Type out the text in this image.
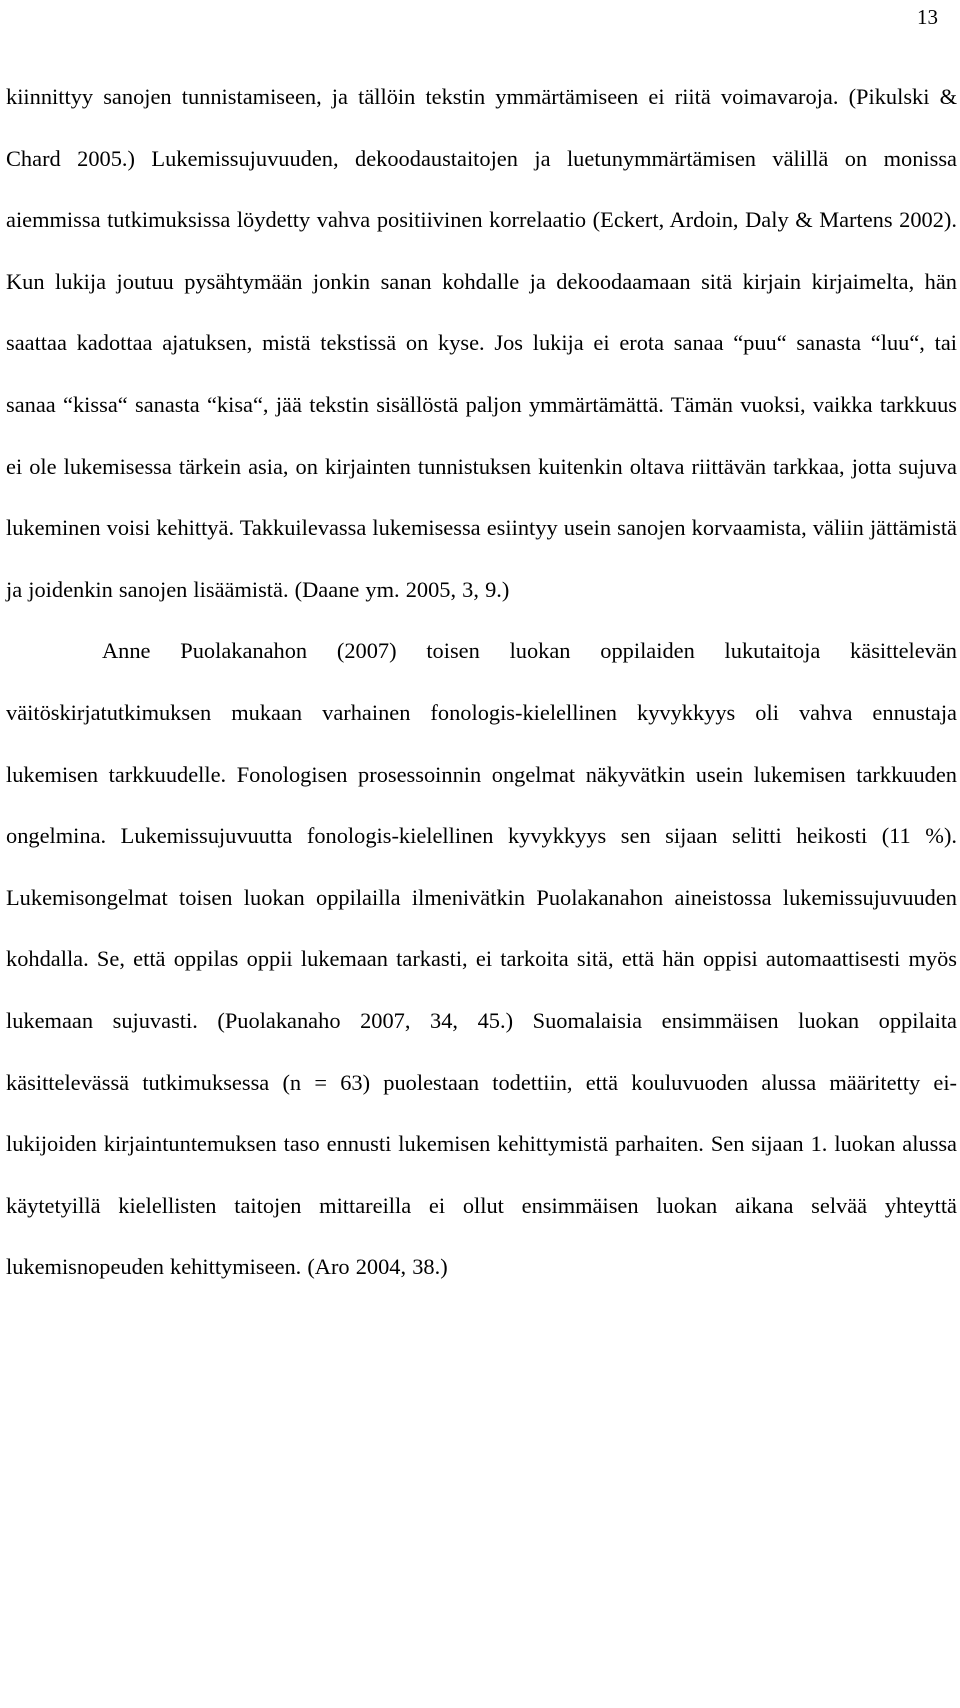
13

kiinnittyy sanojen tunnistamiseen, ja tällöin tekstin ymmärtämiseen ei riitä voimavaroja. (Pikulski & Chard 2005.) Lukemissujuvuuden, dekoodaustaitojen ja luetunymmärtämisen välillä on monissa aiemmissa tutkimuksissa löydetty vahva positiivinen korrelaatio (Eckert, Ardoin, Daly & Martens 2002). Kun lukija joutuu pysähtymään jonkin sanan kohdalle ja dekoodaamaan sitä kirjain kirjaimelta, hän saattaa kadottaa ajatuksen, mistä tekstissä on kyse. Jos lukija ei erota sanaa “puu“ sanasta “luu“, tai sanaa “kissa“ sanasta “kisa“, jää tekstin sisällöstä paljon ymmärtämättä. Tämän vuoksi, vaikka tarkkuus ei ole lukemisessa tärkein asia, on kirjainten tunnistuksen kuitenkin oltava riittävän tarkkaa, jotta sujuva lukeminen voisi kehittyä. Takkuilevassa lukemisessa esiintyy usein sanojen korvaamista, väliin jättämistä ja joidenkin sanojen lisäämistä. (Daane ym. 2005, 3, 9.)

Anne Puolakanahon (2007) toisen luokan oppilaiden lukutaitoja käsittelevän väitöskirjatutkimuksen mukaan varhainen fonologis-kielellinen kyvykkyys oli vahva ennustaja lukemisen tarkkuudelle. Fonologisen prosessoinnin ongelmat näkyvätkin usein lukemisen tarkkuuden ongelmina. Lukemissujuvuutta fonologis-kielellinen kyvykkyys sen sijaan selitti heikosti (11 %). Lukemisongelmat toisen luokan oppilailla ilmenivätkin Puolakanahon aineistossa lukemissujuvuuden kohdalla. Se, että oppilas oppii lukemaan tarkasti, ei tarkoita sitä, että hän oppisi automaattisesti myös lukemaan sujuvasti. (Puolakanaho 2007, 34, 45.) Suomalaisia ensimmäisen luokan oppilaita käsittelevässä tutkimuksessa (n = 63) puolestaan todettiin, että kouluvuoden alussa määritetty ei-lukijoiden kirjaintuntemuksen taso ennusti lukemisen kehittymistä parhaiten. Sen sijaan 1. luokan alussa käytetyillä kielellisten taitojen mittareilla ei ollut ensimmäisen luokan aikana selvää yhteyttä lukemisnopeuden kehittymiseen. (Aro 2004, 38.)
